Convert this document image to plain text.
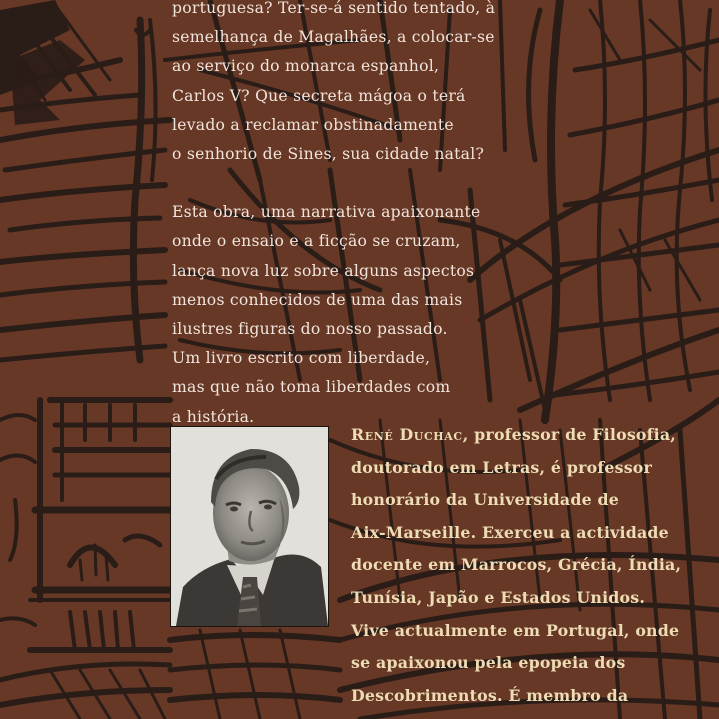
portuguesa? Ter-se-á sentido tentado, à
semelhança de Magalhães, a colocar-se
ao serviço do monarca espanhol,
Carlos V? Que secreta mágoa o terá
levado a reclamar obstinadamente
o senhorio de Sines, sua cidade natal?
Esta obra, uma narrativa apaixonante
onde o ensaio e a ficção se cruzam,
lança nova luz sobre alguns aspectos
menos conhecidos de uma das mais
ilustres figuras do nosso passado.
Um livro escrito com liberdade,
mas que não toma liberdades com
a história.
René Duchac, professor de Filosofia,
doutorado em Letras, é professor
honorário da Universidade de
Aix-Marseille. Exerceu a actividade
docente em Marrocos, Grécia, Índia,
Tunísia, Japão e Estados Unidos.
Vive actualmente em Portugal, onde
se apaixonou pela epopeia dos
Descobrimentos. É membro da
